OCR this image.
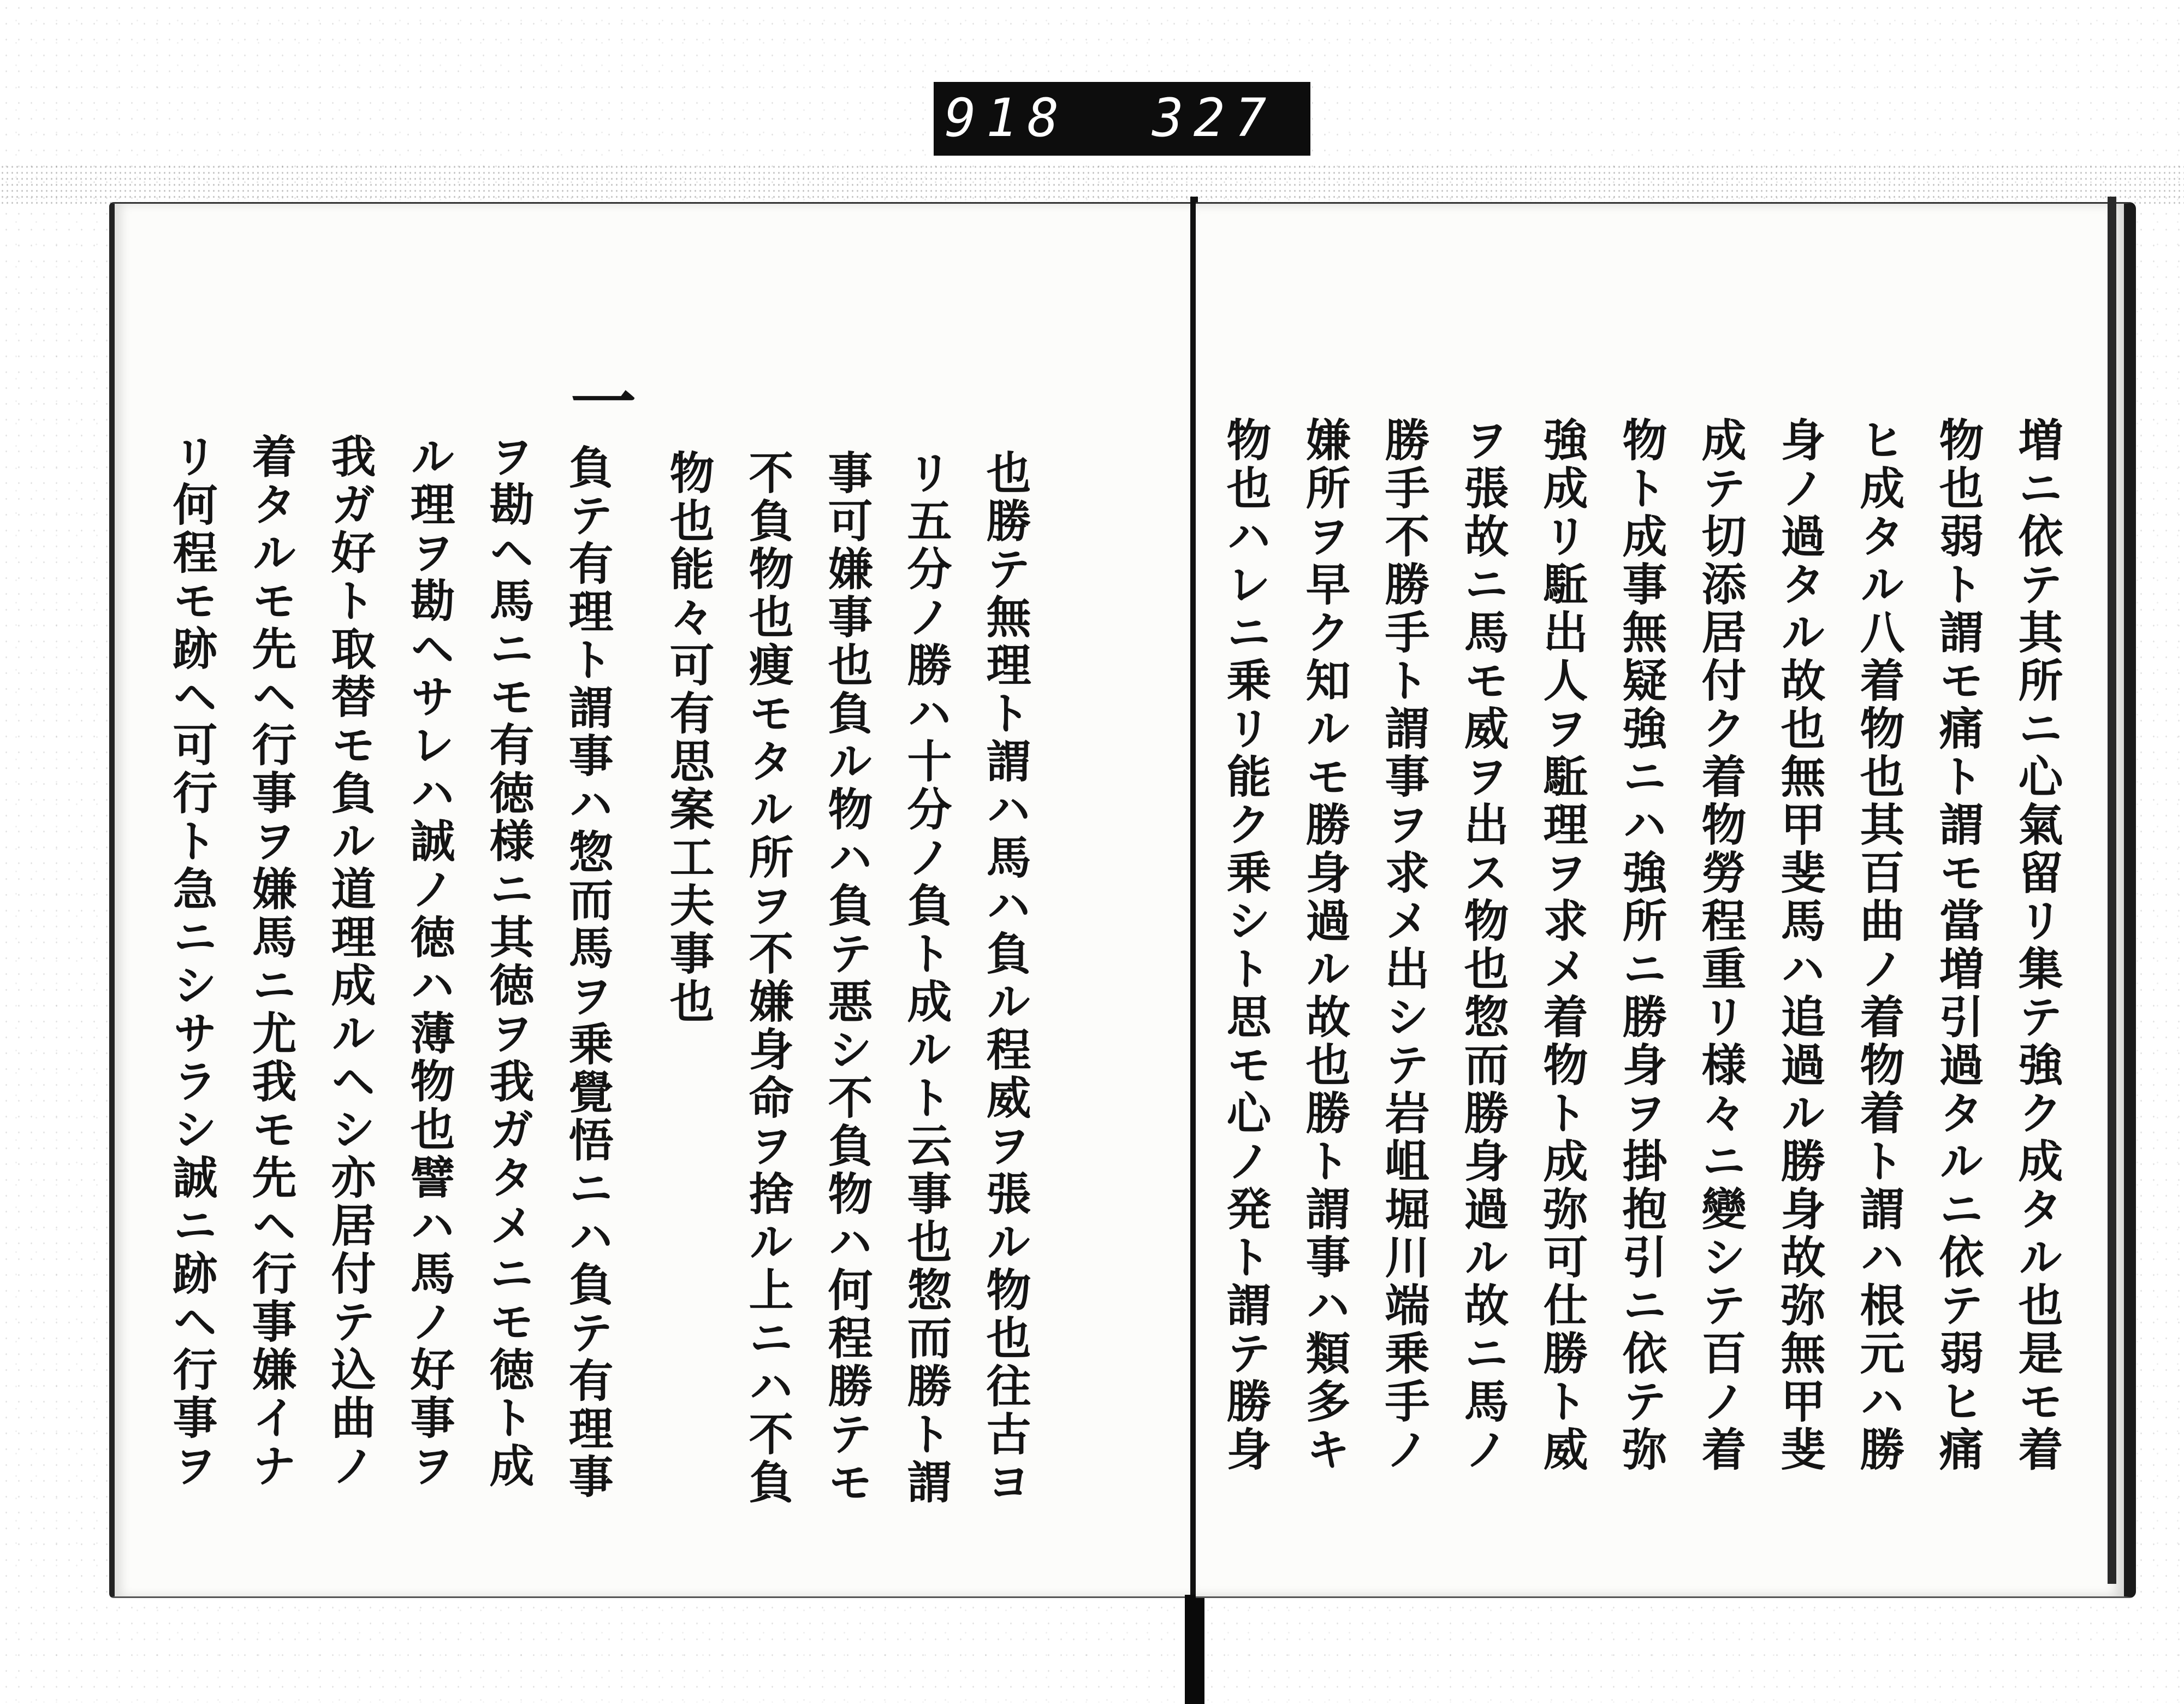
918 327
也勝テ無理ト謂ハ馬ハ負ル程威ヲ張ル物也往古ヨ
リ五分ノ勝ハ十分ノ負ト成ルト云事也惣而勝ト謂
事可嫌事也負ル物ハ負テ悪シ不負物ハ何程勝テモ
不負物也痩モタル所ヲ不嫌身命ヲ捨ル上ニハ不負
物也能々可有思案工夫事也
一
負テ有理ト謂事ハ惣而馬ヲ乗覺悟ニハ負テ有理事
ヲ勘ヘ馬ニモ有徳様ニ其徳ヲ我ガタメニモ徳ト成
ル理ヲ勘ヘサレハ誠ノ徳ハ薄物也譬ハ馬ノ好事ヲ
我ガ好ト取替モ負ル道理成ルヘシ亦居付テ込曲ノ
着タルモ先ヘ行事ヲ嫌馬ニ尤我モ先ヘ行事嫌イナ
リ何程モ跡ヘ可行ト急ニシサラシ誠ニ跡ヘ行事ヲ	増ニ依テ其所ニ心氣留リ集テ強ク成タル也是モ着
物也弱ト謂モ痛ト謂モ當増引過タルニ依テ弱ヒ痛
ヒ成タル八着物也其百曲ノ着物着ト謂ハ根元ハ勝
身ノ過タル故也無甲斐馬ハ追過ル勝身故弥無甲斐
成テ切添居付ク着物勞程重リ様々ニ變シテ百ノ着
物ト成事無疑強ニハ強所ニ勝身ヲ掛抱引ニ依テ弥
強成リ駈出人ヲ駈理ヲ求メ着物ト成弥可仕勝ト威
ヲ張故ニ馬モ威ヲ出ス物也惣而勝身過ル故ニ馬ノ
勝手不勝手ト謂事ヲ求メ出シテ岩岨堀川端乗手ノ
嫌所ヲ早ク知ルモ勝身過ル故也勝ト謂事ハ類多キ
物也ハレニ乗リ能ク乗シト思モ心ノ発ト謂テ勝身
